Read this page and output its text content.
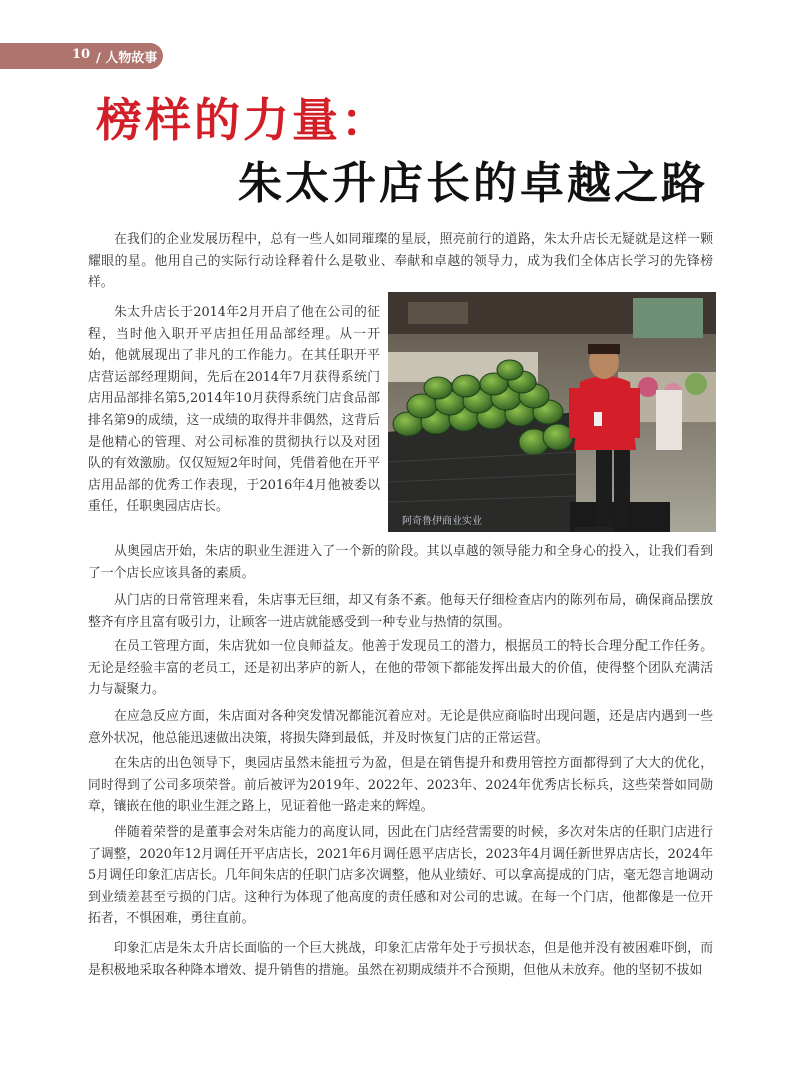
10 / 人物故事
榜样的力量：
朱太升店长的卓越之路

在我们的企业发展历程中，总有一些人如同璀璨的星辰，照亮前行的道路，朱太升店长无疑就是这样一颗耀眼的星。他用自己的实际行动诠释着什么是敬业、奉献和卓越的领导力，成为我们全体店长学习的先锋榜样。

朱太升店长于2014年2月开启了他在公司的征程，当时他入职开平店担任用品部经理。从一开始，他就展现出了非凡的工作能力。在其任职开平店营运部经理期间，先后在2014年7月获得系统门店用品部排名第5,2014年10月获得系统门店食品部排名第9的成绩，这一成绩的取得并非偶然，这背后是他精心的管理、对公司标准的贯彻执行以及对团队的有效激励。仅仅短短2年时间，凭借着他在开平店用品部的优秀工作表现，于2016年4月他被委以重任，任职奥园店店长。

阿奇鲁伊商业实业

从奥园店开始，朱店的职业生涯进入了一个新的阶段。其以卓越的领导能力和全身心的投入，让我们看到了一个店长应该具备的素质。

从门店的日常管理来看，朱店事无巨细，却又有条不紊。他每天仔细检查店内的陈列布局，确保商品摆放整齐有序且富有吸引力，让顾客一进店就能感受到一种专业与热情的氛围。

在员工管理方面，朱店犹如一位良师益友。他善于发现员工的潜力，根据员工的特长合理分配工作任务。无论是经验丰富的老员工，还是初出茅庐的新人，在他的带领下都能发挥出最大的价值，使得整个团队充满活力与凝聚力。

在应急反应方面，朱店面对各种突发情况都能沉着应对。无论是供应商临时出现问题，还是店内遇到一些意外状况，他总能迅速做出决策，将损失降到最低，并及时恢复门店的正常运营。

在朱店的出色领导下，奥园店虽然未能扭亏为盈，但是在销售提升和费用管控方面都得到了大大的优化，同时得到了公司多项荣誉。前后被评为2019年、2022年、2023年、2024年优秀店长标兵，这些荣誉如同勋章，镶嵌在他的职业生涯之路上，见证着他一路走来的辉煌。

伴随着荣誉的是董事会对朱店能力的高度认同，因此在门店经营需要的时候，多次对朱店的任职门店进行了调整，2020年12月调任开平店店长，2021年6月调任恩平店店长，2023年4月调任新世界店店长，2024年5月调任印象汇店店长。几年间朱店的任职门店多次调整，他从业绩好、可以拿高提成的门店，毫无怨言地调动到业绩差甚至亏损的门店。这种行为体现了他高度的责任感和对公司的忠诚。在每一个门店，他都像是一位开拓者，不惧困难，勇往直前。

印象汇店是朱太升店长面临的一个巨大挑战，印象汇店常年处于亏损状态，但是他并没有被困难吓倒，而是积极地采取各种降本增效、提升销售的措施。虽然在初期成绩并不合预期，但他从未放弃。他的坚韧不拔如
